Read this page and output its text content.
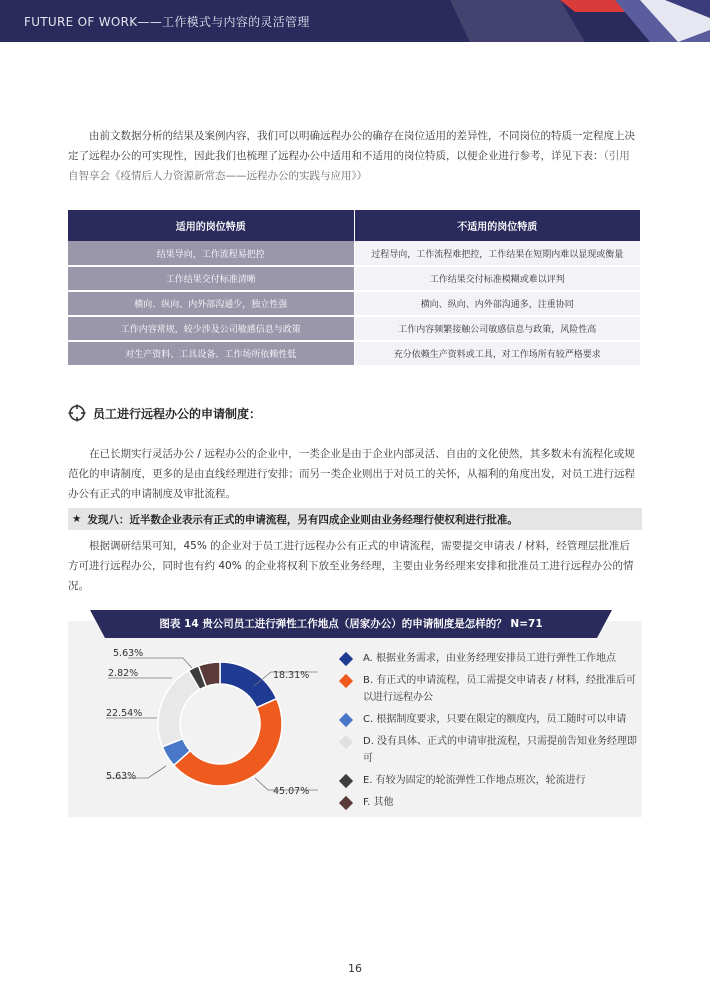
FUTURE OF WORK——工作模式与内容的灵活管理

由前文数据分析的结果及案例内容，我们可以明确远程办公的确存在岗位适用的差异性，不同岗位的特质一定程度上决定了远程办公的可实现性，因此我们也梳理了远程办公中适用和不适用的岗位特质，以便企业进行参考，详见下表：（引用自智享会《疫情后人力资源新常态——远程办公的实践与应用》）

适用的岗位特质	不适用的岗位特质
结果导向，工作流程易把控	过程导向，工作流程难把控，工作结果在短期内难以显现或衡量
工作结果交付标准清晰	工作结果交付标准模糊或难以评判
横向、纵向、内外部沟通少，独立性强	横向、纵向、内外部沟通多，注重协同
工作内容常规，较少涉及公司敏感信息与政策	工作内容频繁接触公司敏感信息与政策，风险性高
对生产资料、工具设备、工作场所依赖性低	充分依赖生产资料或工具，对工作场所有较严格要求
员工进行远程办公的申请制度：

在已长期实行灵活办公 / 远程办公的企业中，一类企业是由于企业内部灵活、自由的文化使然，其多数未有流程化或规范化的申请制度，更多的是由直线经理进行安排；而另一类企业则出于对员工的关怀，从福利的角度出发，对员工进行远程办公有正式的申请制度及审批流程。

★ 发现八：近半数企业表示有正式的申请流程，另有四成企业则由业务经理行使权利进行批准。

根据调研结果可知，45% 的企业对于员工进行远程办公有正式的申请流程，需要提交申请表 / 材料，经管理层批准后方可进行远程办公，同时也有约 40% 的企业将权利下放至业务经理，主要由业务经理来安排和批准员工进行远程办公的情况。

图表 14 贵公司员工进行弹性工作地点（居家办公）的申请制度是怎样的？ N=71
5.63%
2.82%	18.31%
22.54%
5.63%
45.07%
A. 根据业务需求，由业务经理安排员工进行弹性工作地点
B. 有正式的申请流程，员工需提交申请表 / 材料，经批准后可以进行远程办公
C. 根据制度要求，只要在限定的额度内，员工随时可以申请
D. 没有具体、正式的申请审批流程，只需提前告知业务经理即可
E. 有较为固定的轮流弹性工作地点班次，轮流进行
F. 其他
16
